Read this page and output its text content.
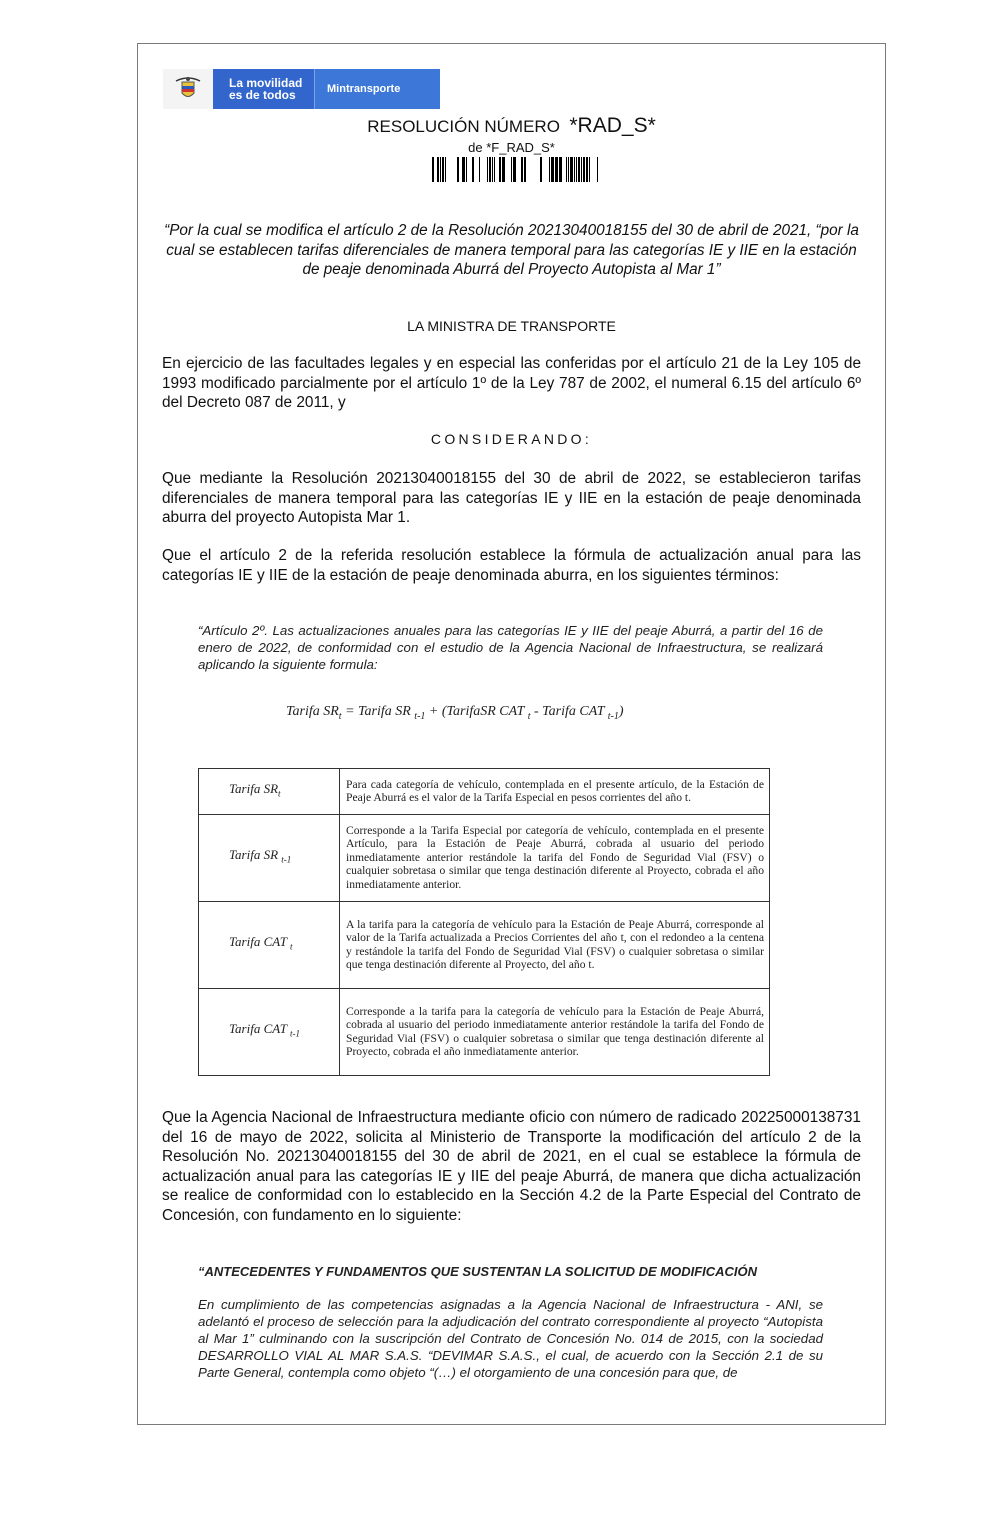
La movilidad
es de todos	Mintransporte
RESOLUCIÓN NÚMERO *RAD_S*
de *F_RAD_S*
“Por la cual se modifica el artículo 2 de la Resolución 20213040018155 del 30 de abril de 2021, “por la cual se establecen tarifas diferenciales de manera temporal para las categorías IE y IIE en la estación de peaje denominada Aburrá del Proyecto Autopista al Mar 1”
LA MINISTRA DE TRANSPORTE
En ejercicio de las facultades legales y en especial las conferidas por el artículo 21 de la Ley 105 de 1993 modificado parcialmente por el artículo 1º de la Ley 787 de 2002, el numeral 6.15 del artículo 6º del Decreto 087 de 2011, y
CONSIDERANDO:
Que mediante la Resolución 20213040018155 del 30 de abril de 2022, se establecieron tarifas diferenciales de manera temporal para las categorías IE y IIE en la estación de peaje denominada aburra del proyecto Autopista Mar 1.
Que el artículo 2 de la referida resolución establece la fórmula de actualización anual para las categorías IE y IIE de la estación de peaje denominada aburra, en los siguientes términos:
“Artículo 2º. Las actualizaciones anuales para las categorías IE y IIE del peaje Aburrá, a partir del 16 de enero de 2022, de conformidad con el estudio de la Agencia Nacional de Infraestructura, se realizará aplicando la siguiente formula:
Tarifa $SR_t$ = Tarifa SR $_{t-1}$ + (TarifaSR CAT $_t$ - Tarifa CAT $_{t-1}$)
Tarifa $SR_t$	Para cada categoría de vehículo, contemplada en el presente artículo, de la Estación de Peaje Aburrá es el valor de la Tarifa Especial en pesos corrientes del año t.
Tarifa SR $_{t-1}$	Corresponde a la Tarifa Especial por categoría de vehículo, contemplada en el presente Artículo, para la Estación de Peaje Aburrá, cobrada al usuario del periodo inmediatamente anterior restándole la tarifa del Fondo de Seguridad Vial (FSV) o cualquier sobretasa o similar que tenga destinación diferente al Proyecto, cobrada el año inmediatamente anterior.
Tarifa CAT $_t$	A la tarifa para la categoría de vehículo para la Estación de Peaje Aburrá, corresponde al valor de la Tarifa actualizada a Precios Corrientes del año t, con el redondeo a la centena y restándole la tarifa del Fondo de Seguridad Vial (FSV) o cualquier sobretasa o similar que tenga destinación diferente al Proyecto, del año t.
Tarifa CAT $_{t-1}$	Corresponde a la tarifa para la categoría de vehículo para la Estación de Peaje Aburrá, cobrada al usuario del periodo inmediatamente anterior restándole la tarifa del Fondo de Seguridad Vial (FSV) o cualquier sobretasa o similar que tenga destinación diferente al Proyecto, cobrada el año inmediatamente anterior.
Que la Agencia Nacional de Infraestructura mediante oficio con número de radicado 20225000138731 del 16 de mayo de 2022, solicita al Ministerio de Transporte la modificación del artículo 2 de la Resolución No. 20213040018155 del 30 de abril de 2021, en el cual se establece la fórmula de actualización anual para las categorías IE y IIE del peaje Aburrá, de manera que dicha actualización se realice de conformidad con lo establecido en la Sección 4.2 de la Parte Especial del Contrato de Concesión, con fundamento en lo siguiente:
“ANTECEDENTES Y FUNDAMENTOS QUE SUSTENTAN LA SOLICITUD DE MODIFICACIÓN
En cumplimiento de las competencias asignadas a la Agencia Nacional de Infraestructura - ANI, se adelantó el proceso de selección para la adjudicación del contrato correspondiente al proyecto “Autopista al Mar 1” culminando con la suscripción del Contrato de Concesión No. 014 de 2015, con la sociedad DESARROLLO VIAL AL MAR S.A.S. “DEVIMAR S.A.S., el cual, de acuerdo con la Sección 2.1 de su Parte General, contempla como objeto “(…) el otorgamiento de una concesión para que, de
